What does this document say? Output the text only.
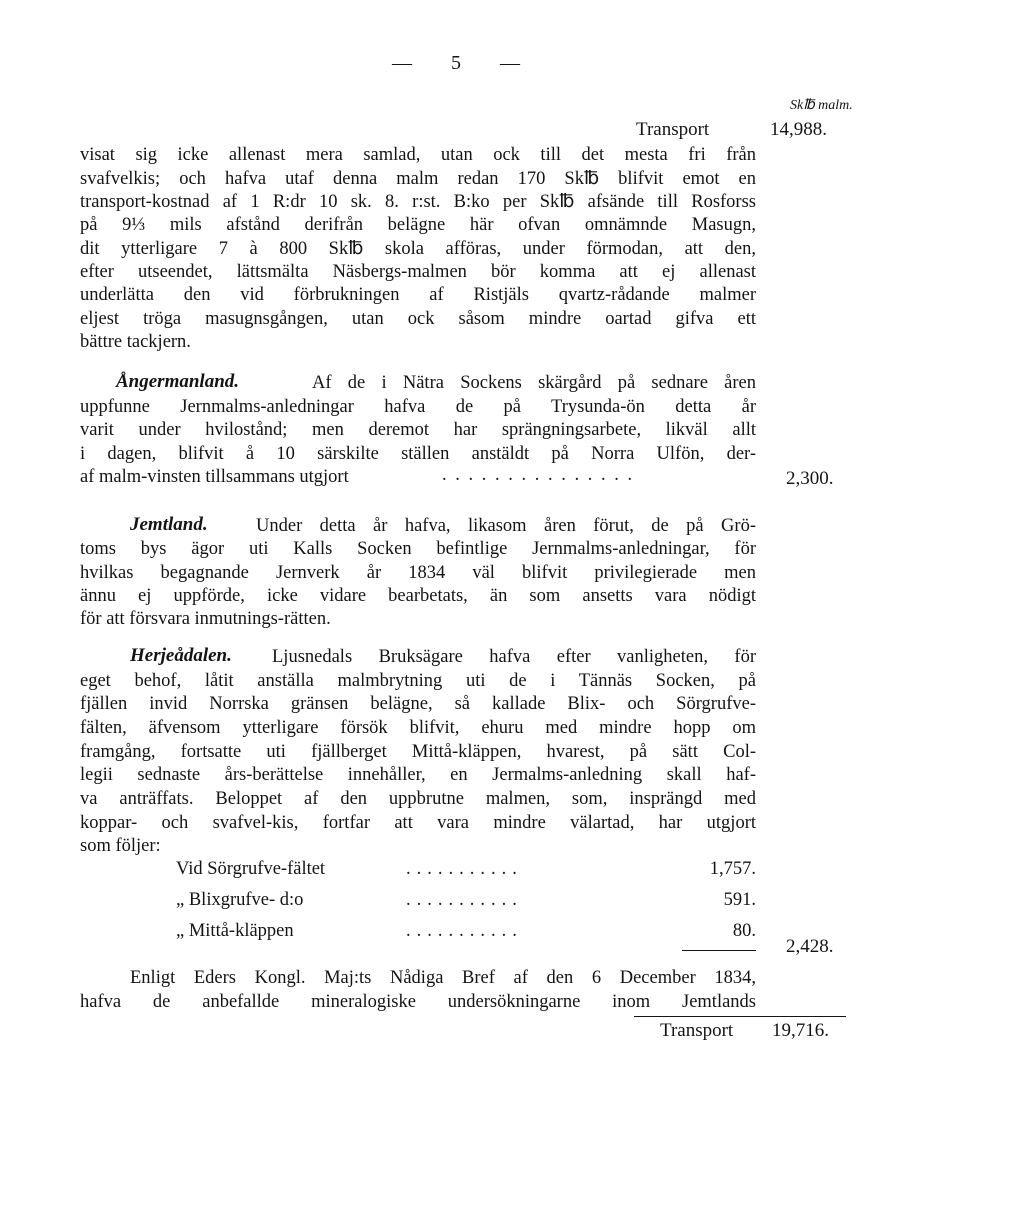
— 5 —
Sk℔ malm.
Transport	14,988.
visat sig icke allenast mera samlad, utan ock till det mesta fri från
svafvelkis; och hafva utaf denna malm redan 170 Sk℔ blifvit emot en
transport-kostnad af 1 R:dr 10 sk. 8. r:st. B:ko per Sk℔ afsände till Rosforss
på 9⅓ mils afstånd derifrån belägne här ofvan omnämnde Masugn,
dit ytterligare 7 à 800 Sk℔ skola afföras, under förmodan, att den,
efter utseendet, lättsmälta Näsbergs-malmen bör komma att ej allenast
underlätta den vid förbrukningen af Ristjäls qvartz-rådande malmer
eljest tröga masugnsgången, utan ock såsom mindre oartad gifva ett
bättre tackjern.
Ångermanland.	Af de i Nätra Sockens skärgård på sednare åren
uppfunne Jernmalms-anledningar hafva de på Trysunda-ön detta år
varit under hvilostånd; men deremot har sprängningsarbete, likväl allt
i dagen, blifvit å 10 särskilte ställen anstäldt på Norra Ulfön, der-
af malm-vinsten tillsammans utgjort	. . . . . . . . . . . . . . .	2,300.
Jemtland.	Under detta år hafva, likasom åren förut, de på Grö-
toms bys ägor uti Kalls Socken befintlige Jernmalms-anledningar, för
hvilkas begagnande Jernverk år 1834 väl blifvit privilegierade men
ännu ej uppförde, icke vidare bearbetats, än som ansetts vara nödigt
för att försvara inmutnings-rätten.
Herjeådalen. Ljusnedals Bruksägare hafva efter vanligheten, för
eget behof, låtit anställa malmbrytning uti de i Tännäs Socken, på
fjällen invid Norrska gränsen belägne, så kallade Blix- och Sörgrufve-
fälten, äfvensom ytterligare försök blifvit, ehuru med mindre hopp om
framgång, fortsatte uti fjällberget Mittå-kläppen, hvarest, på sätt Col-
legii sednaste års-berättelse innehåller, en Jermalms-anledning skall haf-
va anträffats. Beloppet af den uppbrutne malmen, som, insprängd med
koppar- och svafvel-kis, fortfar att vara mindre välartad, har utgjort
som följer:
Vid Sörgrufve-fältet	...........	1,757.
„ Blixgrufve- d:o	...........	591.
„ Mittå-kläppen	...........	80.
2,428.
Enligt Eders Kongl. Maj:ts Nådiga Bref af den 6 December 1834,
hafva de anbefallde mineralogiske undersökningarne inom Jemtlands
Transport 19,716.
